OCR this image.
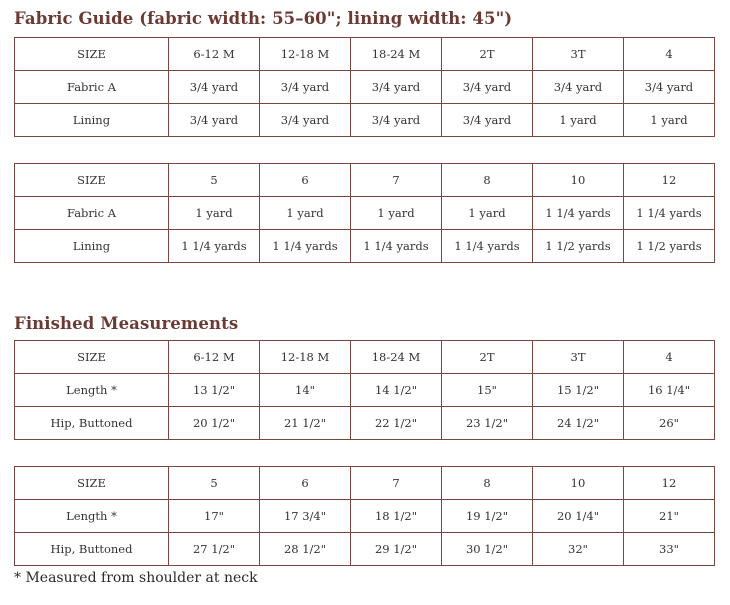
Fabric Guide (fabric width: 55–60"; lining width: 45")
SIZE	6-12 M	12-18 M	18-24 M	2T	3T	4
Fabric A	3/4 yard	3/4 yard	3/4 yard	3/4 yard	3/4 yard	3/4 yard
Lining	3/4 yard	3/4 yard	3/4 yard	3/4 yard	1 yard	1 yard
SIZE	5	6	7	8	10	12
Fabric A	1 yard	1 yard	1 yard	1 yard	1 1/4 yards	1 1/4 yards
Lining	1 1/4 yards	1 1/4 yards	1 1/4 yards	1 1/4 yards	1 1/2 yards	1 1/2 yards
Finished Measurements
SIZE	6-12 M	12-18 M	18-24 M	2T	3T	4
Length *	13 1/2"	14"	14 1/2"	15"	15 1/2"	16 1/4"
Hip, Buttoned	20 1/2"	21 1/2"	22 1/2"	23 1/2"	24 1/2"	26"
SIZE	5	6	7	8	10	12
Length *	17"	17 3/4"	18 1/2"	19 1/2"	20 1/4"	21"
Hip, Buttoned	27 1/2"	28 1/2"	29 1/2"	30 1/2"	32"	33"
* Measured from shoulder at neck
